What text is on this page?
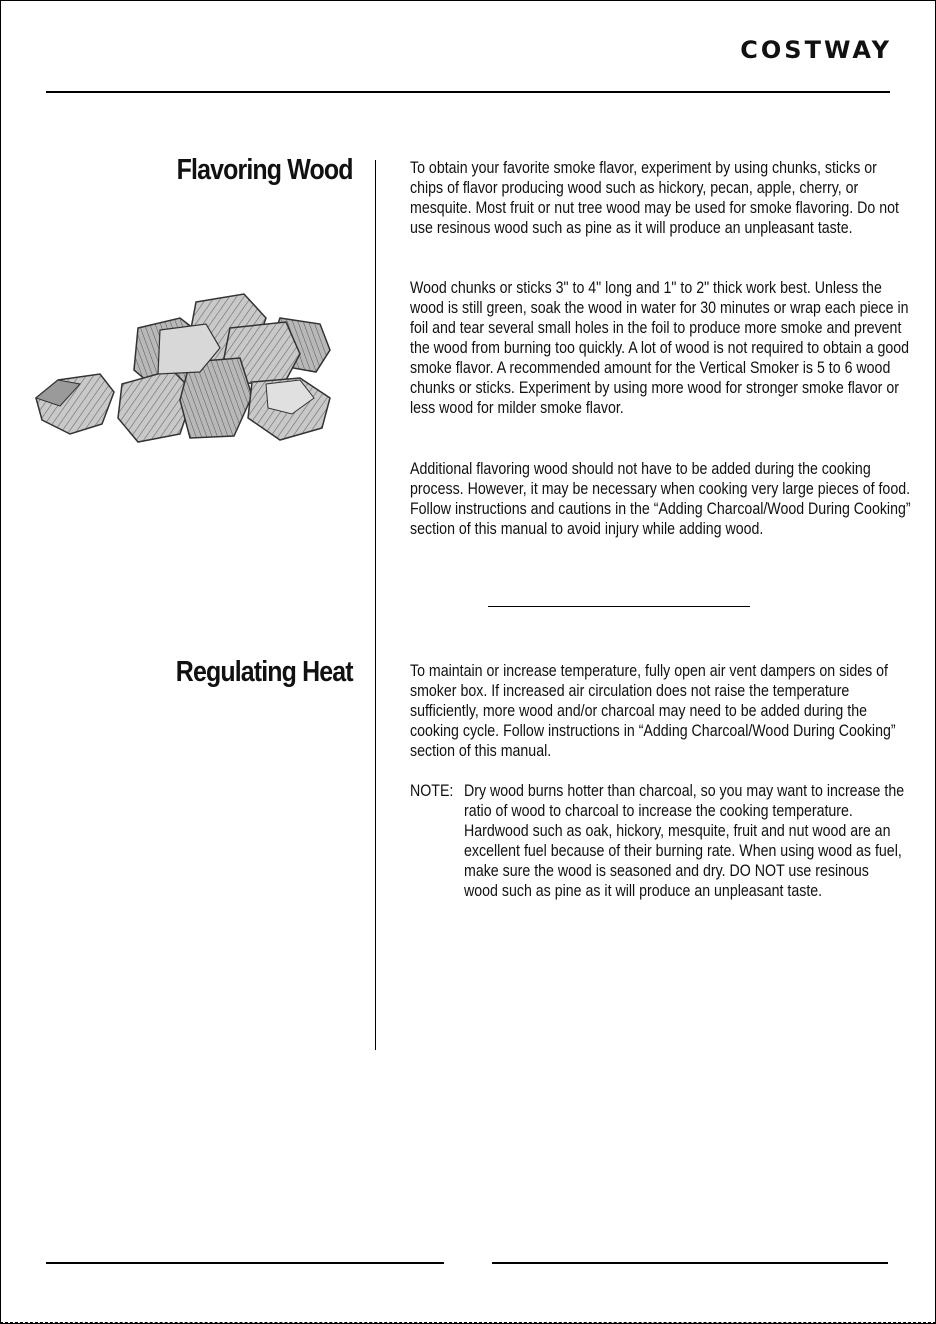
COSTWAY
Flavoring Wood	To obtain your favorite smoke flavor, experiment by using chunks, sticks or chips of flavor producing wood such as hickory, pecan, apple, cherry, or mesquite. Most fruit or nut tree wood may be used for smoke flavoring. Do not use resinous wood such as pine as it will produce an unpleasant taste.

Wood chunks or sticks 3" to 4" long and 1" to 2" thick work best. Unless the wood is still green, soak the wood in water for 30 minutes or wrap each piece in foil and tear several small holes in the foil to produce more smoke and prevent the wood from burning too quickly. A lot of wood is not required to obtain a good smoke flavor. A recommended amount for the Vertical Smoker is 5 to 6 wood chunks or sticks. Experiment by using more wood for stronger smoke flavor or less wood for milder smoke flavor.

Additional flavoring wood should not have to be added during the cooking process. However, it may be necessary when cooking very large pieces of food. Follow instructions and cautions in the “Adding Charcoal/Wood During Cooking” section of this manual to avoid injury while adding wood.

Regulating Heat	To maintain or increase temperature, fully open air vent dampers on sides of smoker box. If increased air circulation does not raise the temperature sufficiently, more wood and/or charcoal may need to be added during the cooking cycle. Follow instructions in “Adding Charcoal/Wood During Cooking” section of this manual.

NOTE: Dry wood burns hotter than charcoal, so you may want to increase the ratio of wood to charcoal to increase the cooking temperature. Hardwood such as oak, hickory, mesquite, fruit and nut wood are an excellent fuel because of their burning rate. When using wood as fuel, make sure the wood is seasoned and dry. DO NOT use resinous wood such as pine as it will produce an unpleasant taste.
